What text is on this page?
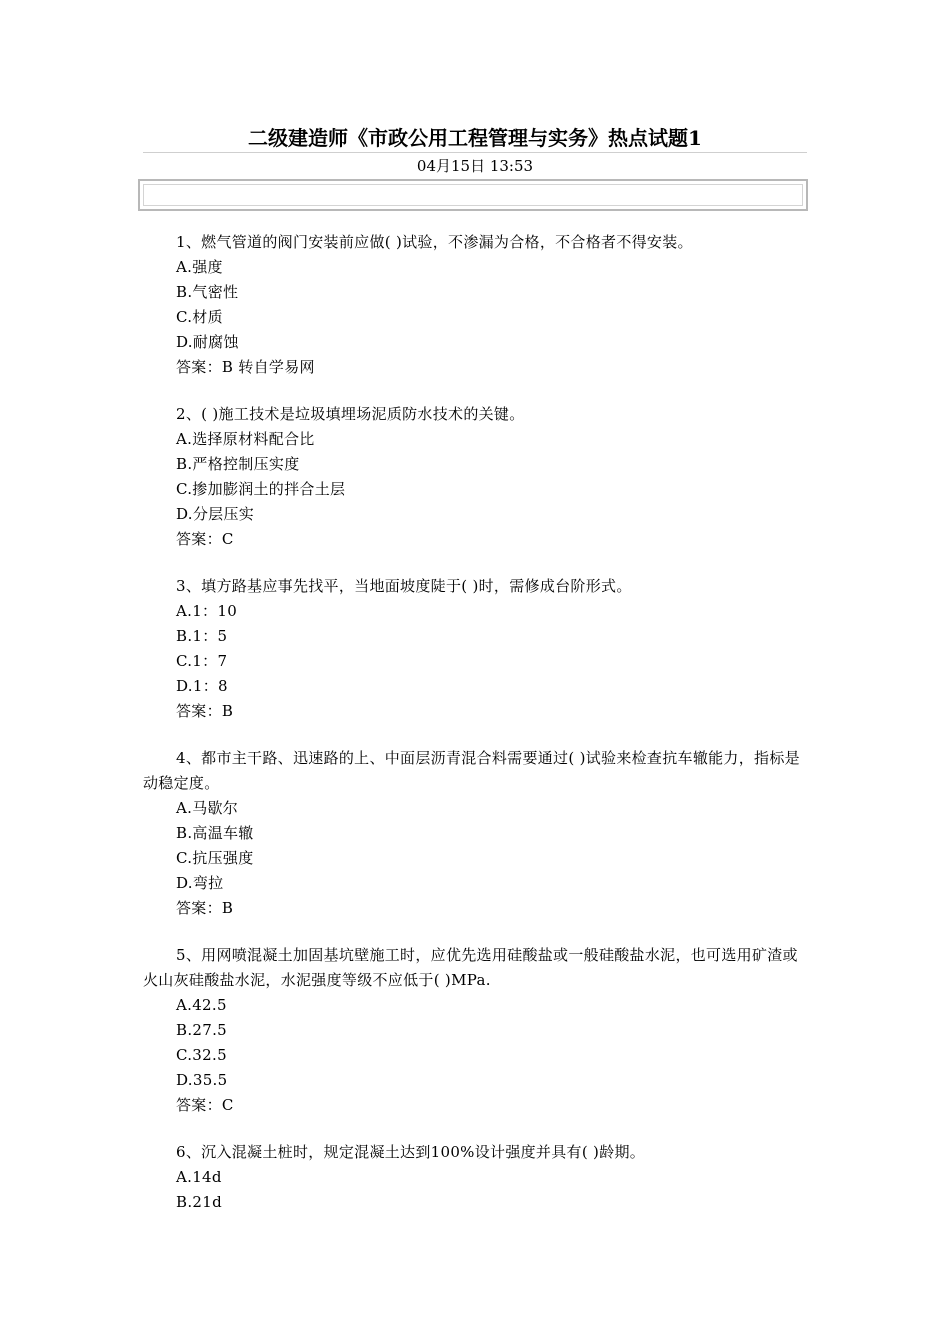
二级建造师《市政公用工程管理与实务》热点试题1
04月15日 13:53

1、燃气管道的阀门安装前应做( )试验，不渗漏为合格，不合格者不得安装。

A.强度

B.气密性

C.材质

D.耐腐蚀

答案：B 转自学易网

2、( )施工技术是垃圾填埋场泥质防水技术的关键。

A.选择原材料配合比

B.严格控制压实度

C.掺加膨润土的拌合土层

D.分层压实

答案：C

3、填方路基应事先找平，当地面坡度陡于( )时，需修成台阶形式。

A.1：10

B.1：5

C.1：7

D.1：8

答案：B

4、都市主干路、迅速路的上、中面层沥青混合料需要通过( )试验来检查抗车辙能力，指标是动稳定度。

A.马歇尔

B.高温车辙

C.抗压强度

D.弯拉

答案：B

5、用网喷混凝土加固基坑壁施工时，应优先选用硅酸盐或一般硅酸盐水泥，也可选用矿渣或火山灰硅酸盐水泥，水泥强度等级不应低于( )MPa.

A.42.5

B.27.5

C.32.5

D.35.5

答案：C

6、沉入混凝土桩时，规定混凝土达到100%设计强度并具有( )龄期。

A.14d

B.21d
